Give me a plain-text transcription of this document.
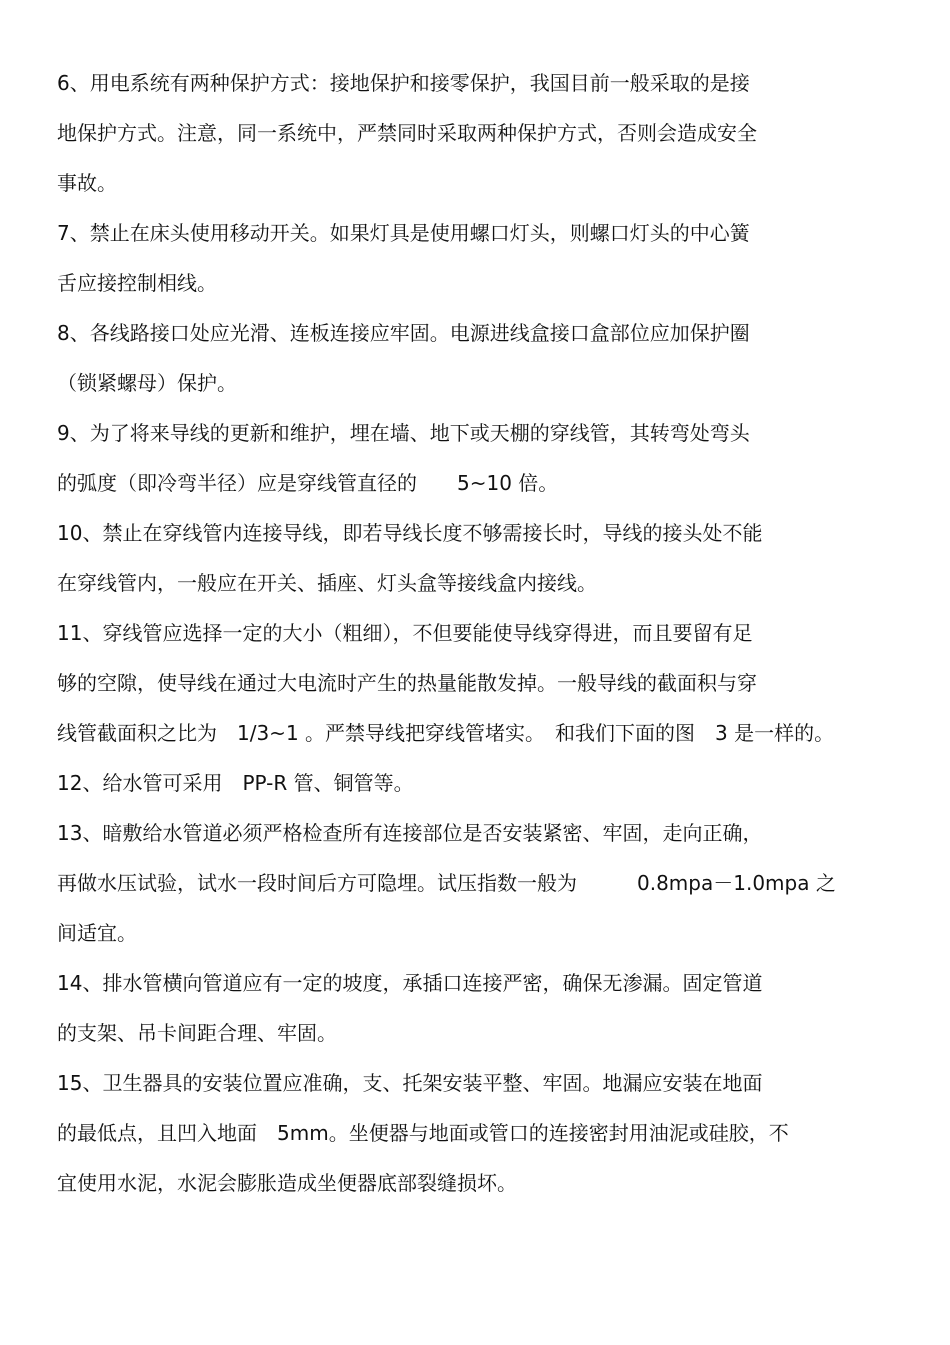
6、用电系统有两种保护方式：接地保护和接零保护，我国目前一般采取的是接
地保护方式。注意，同一系统中，严禁同时采取两种保护方式，否则会造成安全
事故。
7、禁止在床头使用移动开关。如果灯具是使用螺口灯头，则螺口灯头的中心簧
舌应接控制相线。
8、各线路接口处应光滑、连板连接应牢固。电源进线盒接口盒部位应加保护圈
（锁紧螺母）保护。
9、为了将来导线的更新和维护，埋在墙、地下或天棚的穿线管，其转弯处弯头
的弧度（即冷弯半径）应是穿线管直径的　　5~10 倍。
10、禁止在穿线管内连接导线，即若导线长度不够需接长时，导线的接头处不能
在穿线管内，一般应在开关、插座、灯头盒等接线盒内接线。
11、穿线管应选择一定的大小（粗细），不但要能使导线穿得进，而且要留有足
够的空隙，使导线在通过大电流时产生的热量能散发掉。一般导线的截面积与穿
线管截面积之比为　1/3~1 。严禁导线把穿线管堵实。　和我们下面的图　3 是一样的。
12、给水管可采用　PP-R 管、铜管等。
13、暗敷给水管道必须严格检查所有连接部位是否安装紧密、牢固，走向正确，
再做水压试验，试水一段时间后方可隐埋。试压指数一般为　　　0.8mpa－1.0mpa 之
间适宜。
14、排水管横向管道应有一定的坡度，承插口连接严密，确保无渗漏。固定管道
的支架、吊卡间距合理、牢固。
15、卫生器具的安装位置应准确，支、托架安装平整、牢固。地漏应安装在地面
的最低点，且凹入地面　5mm。坐便器与地面或管口的连接密封用油泥或硅胶，不
宜使用水泥，水泥会膨胀造成坐便器底部裂缝损坏。
